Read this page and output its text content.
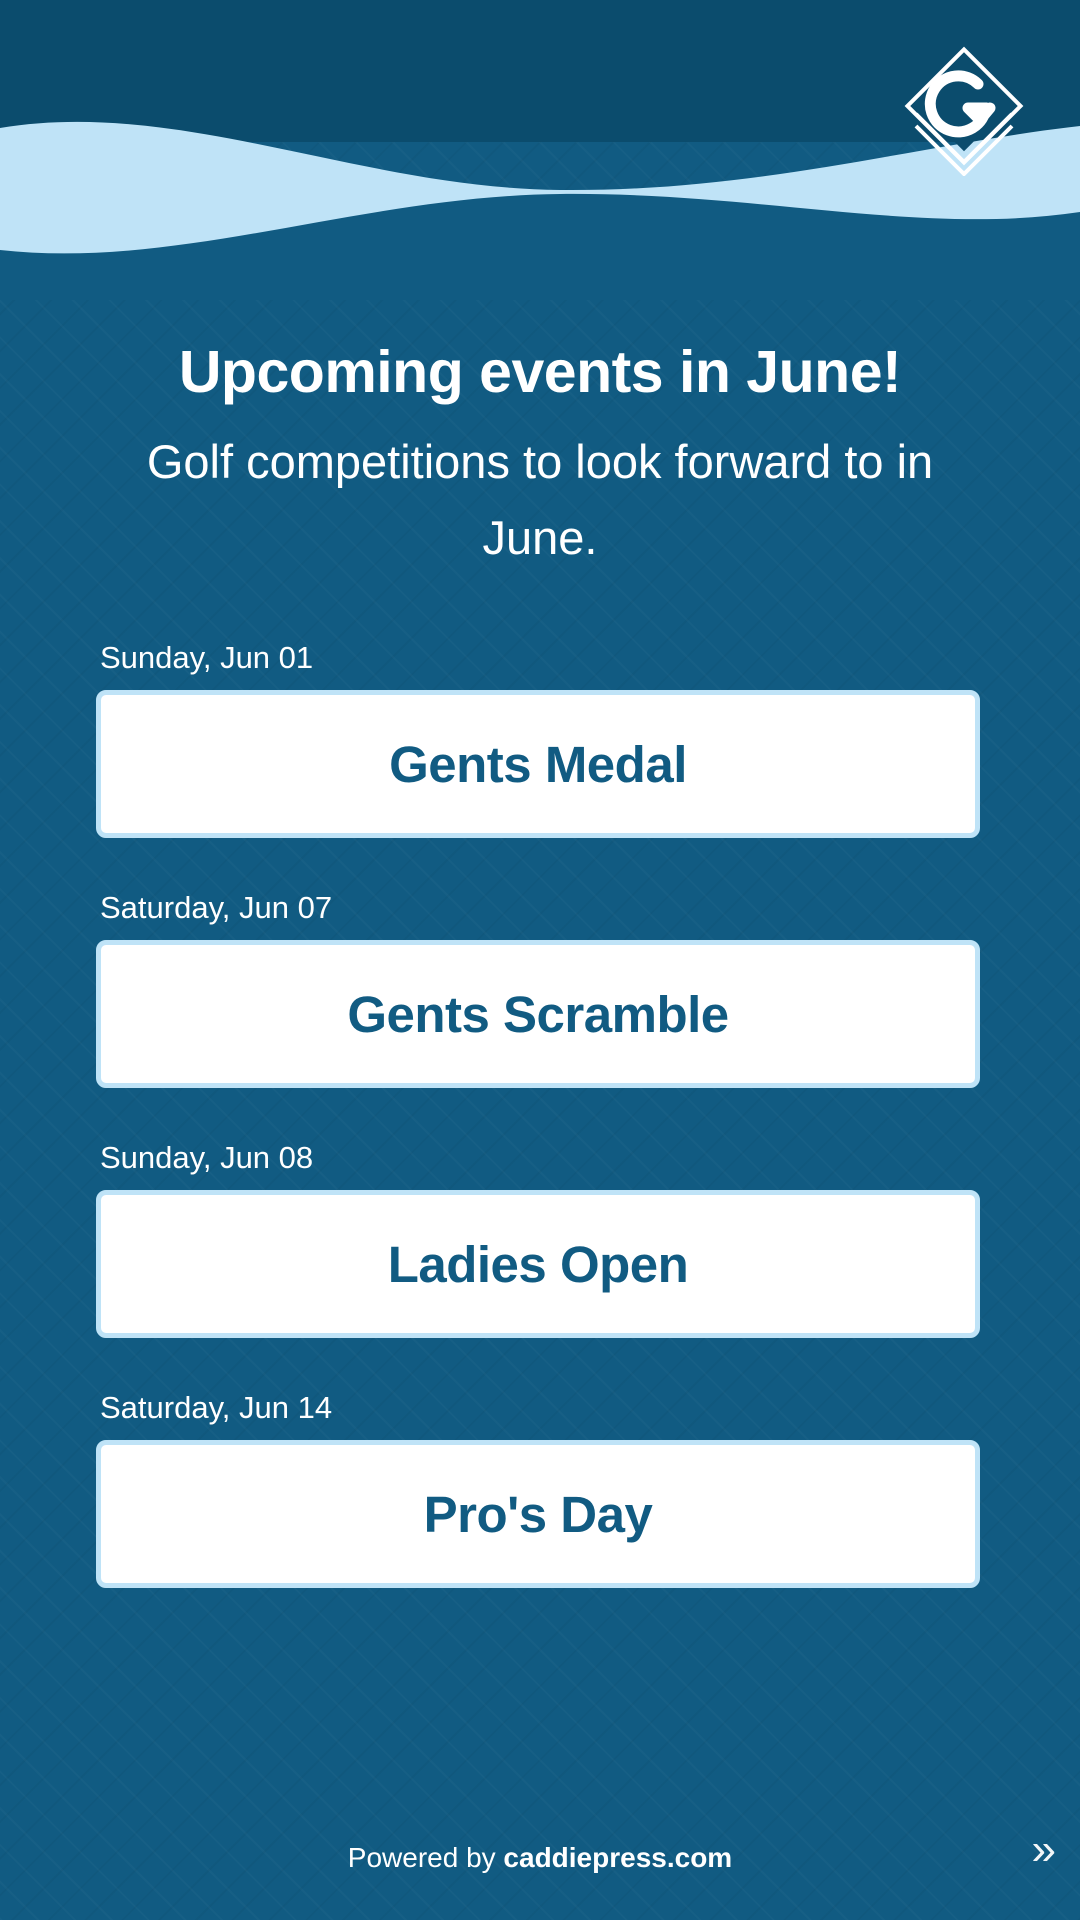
Upcoming events in June!
Golf competitions to look forward to in June.
Sunday, Jun 01
Gents Medal
Saturday, Jun 07
Gents Scramble
Sunday, Jun 08
Ladies Open
Saturday, Jun 14
Pro's Day
Powered by caddiepress.com	»
